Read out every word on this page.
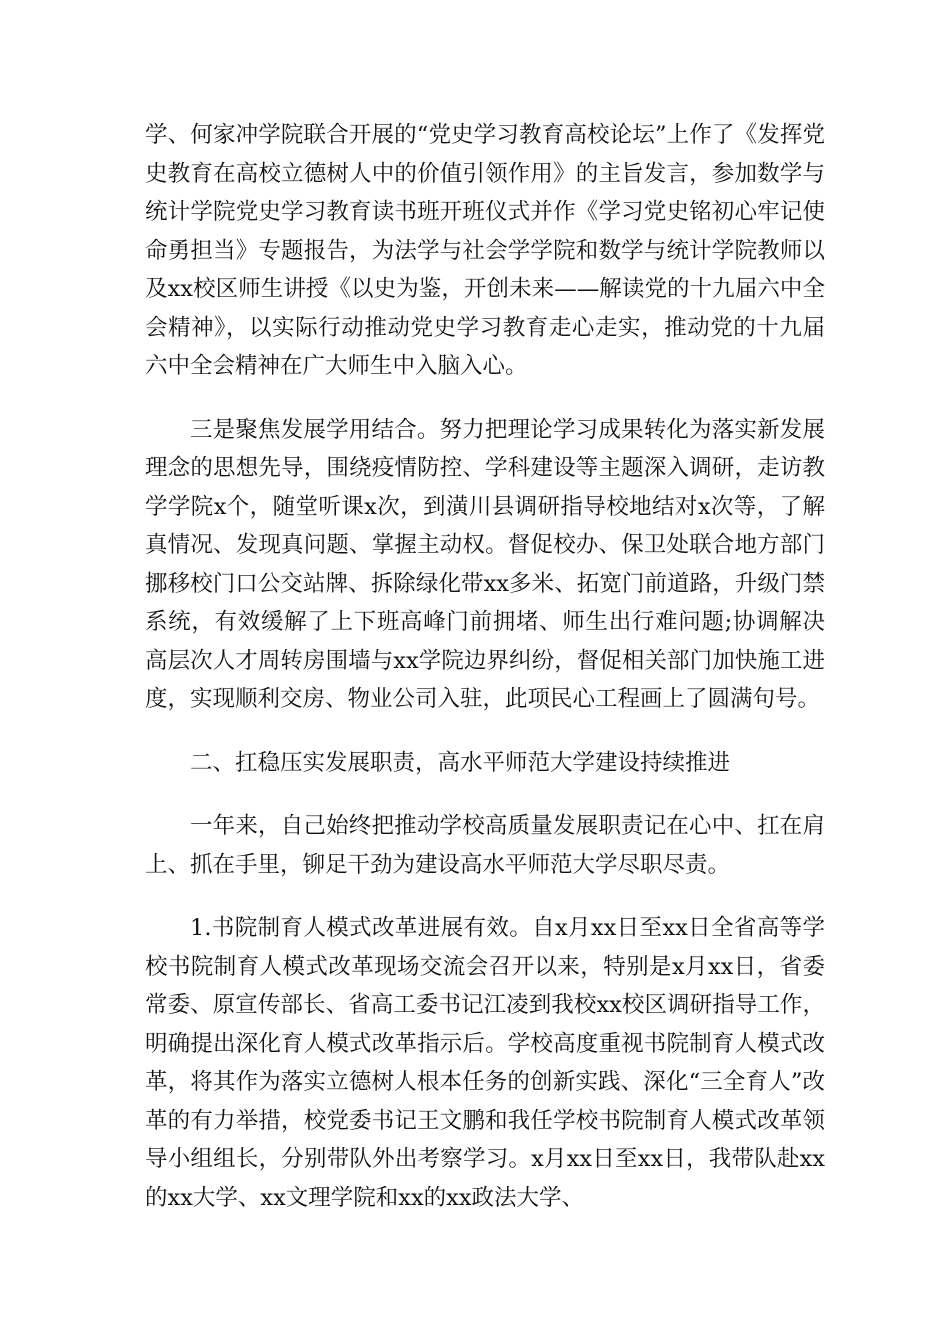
学、何家冲学院联合开展的“党史学习教育高校论坛”上作了《发挥党史教育在高校立德树人中的价值引领作用》的主旨发言，参加数学与统计学院党史学习教育读书班开班仪式并作《学习党史铭初心牢记使命勇担当》专题报告，为法学与社会学学院和数学与统计学院教师以及xx校区师生讲授《以史为鉴，开创未来——解读党的十九届六中全会精神》，以实际行动推动党史学习教育走心走实，推动党的十九届六中全会精神在广大师生中入脑入心。

三是聚焦发展学用结合。努力把理论学习成果转化为落实新发展理念的思想先导，围绕疫情防控、学科建设等主题深入调研，走访教学学院x个，随堂听课x次，到潢川县调研指导校地结对x次等，了解真情况、发现真问题、掌握主动权。督促校办、保卫处联合地方部门挪移校门口公交站牌、拆除绿化带xx多米、拓宽门前道路，升级门禁系统，有效缓解了上下班高峰门前拥堵、师生出行难问题;协调解决高层次人才周转房围墙与xx学院边界纠纷，督促相关部门加快施工进度，实现顺利交房、物业公司入驻，此项民心工程画上了圆满句号。

二、扛稳压实发展职责，高水平师范大学建设持续推进

一年来，自己始终把推动学校高质量发展职责记在心中、扛在肩上、抓在手里，铆足干劲为建设高水平师范大学尽职尽责。

1.书院制育人模式改革进展有效。自x月xx日至xx日全省高等学校书院制育人模式改革现场交流会召开以来，特别是x月xx日，省委常委、原宣传部长、省高工委书记江凌到我校xx校区调研指导工作，明确提出深化育人模式改革指示后。学校高度重视书院制育人模式改革，将其作为落实立德树人根本任务的创新实践、深化“三全育人”改革的有力举措，校党委书记王文鹏和我任学校书院制育人模式改革领导小组组长，分别带队外出考察学习。x月xx日至xx日，我带队赴xx的xx大学、xx文理学院和xx的xx政法大学、
